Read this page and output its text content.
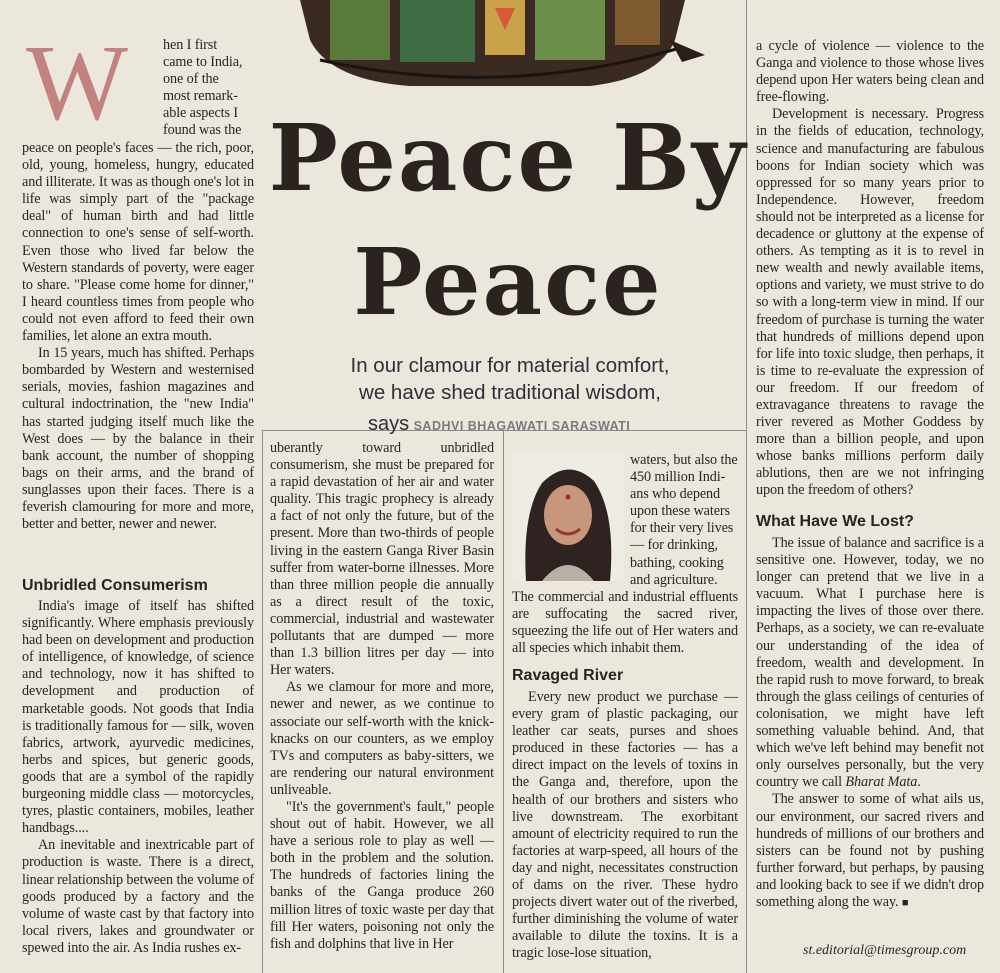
W hen I first
came to India,
one of the
most remark-
able aspects I
found was the

peace on people's faces — the rich, poor, old, young, homeless, hungry, educated and illiterate. It was as though one's lot in life was simply part of the "package deal" of human birth and had little connection to one's sense of self-worth. Even those who lived far below the Western standards of poverty, were eager to share. "Please come home for dinner," I heard countless times from people who could not even afford to feed their own families, let alone an extra mouth.

In 15 years, much has shifted. Perhaps bombarded by Western and westernised serials, movies, fashion magazines and cultural indoctrination, the "new India" has started judging itself much like the West does — by the balance in their bank account, the number of shopping bags on their arms, and the brand of sunglasses upon their faces. There is a feverish clamouring for more and more, better and better, newer and newer.

Unbridled Consumerism

India's image of itself has shifted significantly. Where emphasis previously had been on development and production of intelligence, of knowledge, of science and technology, now it has shifted to development and production of marketable goods. Not goods that India is traditionally famous for — silk, woven fabrics, artwork, ayurvedic medicines, herbs and spices, but generic goods, goods that are a symbol of the rapidly burgeoning middle class — motorcycles, tyres, plastic containers, mobiles, leather handbags....

An inevitable and inextricable part of production is waste. There is a direct, linear relationship between the volume of goods produced by a factory and the volume of waste cast by that factory into local rivers, lakes and groundwater or spewed into the air. As India rushes ex-

Peace By
Peace
In our clamour for material comfort,
we have shed traditional wisdom,
says SADHVI BHAGAWATI SARASWATI

uberantly toward unbridled consumerism, she must be prepared for a rapid devastation of her air and water quality. This tragic prophecy is already a fact of not only the future, but of the present. More than two-thirds of people living in the eastern Ganga River Basin suffer from water-borne illnesses. More than three million people die annually as a direct result of the toxic, commercial, industrial and wastewater pollutants that are dumped — more than 1.3 billion litres per day — into Her waters.

As we clamour for more and more, newer and newer, as we continue to associate our self-worth with the knick-knacks on our counters, as we employ TVs and computers as baby-sitters, we are rendering our natural environment unliveable.

"It's the government's fault," people shout out of habit. However, we all have a serious role to play as well — both in the problem and the solution. The hundreds of factories lining the banks of the Ganga produce 260 million litres of toxic waste per day that fill Her waters, poisoning not only the fish and dolphins that live in Her

waters, but also the
450 million Indi-
ans who depend
upon these waters
for their very lives
— for drinking,
bathing, cooking
and agriculture.

The commercial and industrial effluents are suffocating the sacred river, squeezing the life out of Her waters and all species which inhabit them.

Ravaged River

Every new product we purchase — every gram of plastic packaging, our leather car seats, purses and shoes produced in these factories — has a direct impact on the levels of toxins in the Ganga and, therefore, upon the health of our brothers and sisters who live downstream. The exorbitant amount of electricity required to run the factories at warp-speed, all hours of the day and night, necessitates construction of dams on the river. These hydro projects divert water out of the riverbed, further diminishing the volume of water available to dilute the toxins. It is a tragic lose-lose situation,

a cycle of violence — violence to the Ganga and violence to those whose lives depend upon Her waters being clean and free-flowing.

Development is necessary. Progress in the fields of education, technology, science and manufacturing are fabulous boons for Indian society which was oppressed for so many years prior to Independence. However, freedom should not be interpreted as a license for decadence or gluttony at the expense of others. As tempting as it is to revel in new wealth and newly available items, options and variety, we must strive to do so with a long-term view in mind. If our freedom of purchase is turning the water that hundreds of millions depend upon for life into toxic sludge, then perhaps, it is time to re-evaluate the expression of our freedom. If our freedom of extravagance threatens to ravage the river revered as Mother Goddess by more than a billion people, and upon whose banks millions perform daily ablutions, then are we not infringing upon the freedom of others?

What Have We Lost?

The issue of balance and sacrifice is a sensitive one. However, today, we no longer can pretend that we live in a vacuum. What I purchase here is impacting the lives of those over there. Perhaps, as a society, we can re-evaluate our understanding of the idea of freedom, wealth and development. In the rapid rush to move forward, to break through the glass ceilings of centuries of colonisation, we might have left something valuable behind. And, that which we've left behind may benefit not only ourselves personally, but the very country we call Bharat Mata.

The answer to some of what ails us, our environment, our sacred rivers and hundreds of millions of our brothers and sisters can be found not by pushing further forward, but perhaps, by pausing and looking back to see if we didn't drop something along the way. ■

st.editorial@timesgroup.com
